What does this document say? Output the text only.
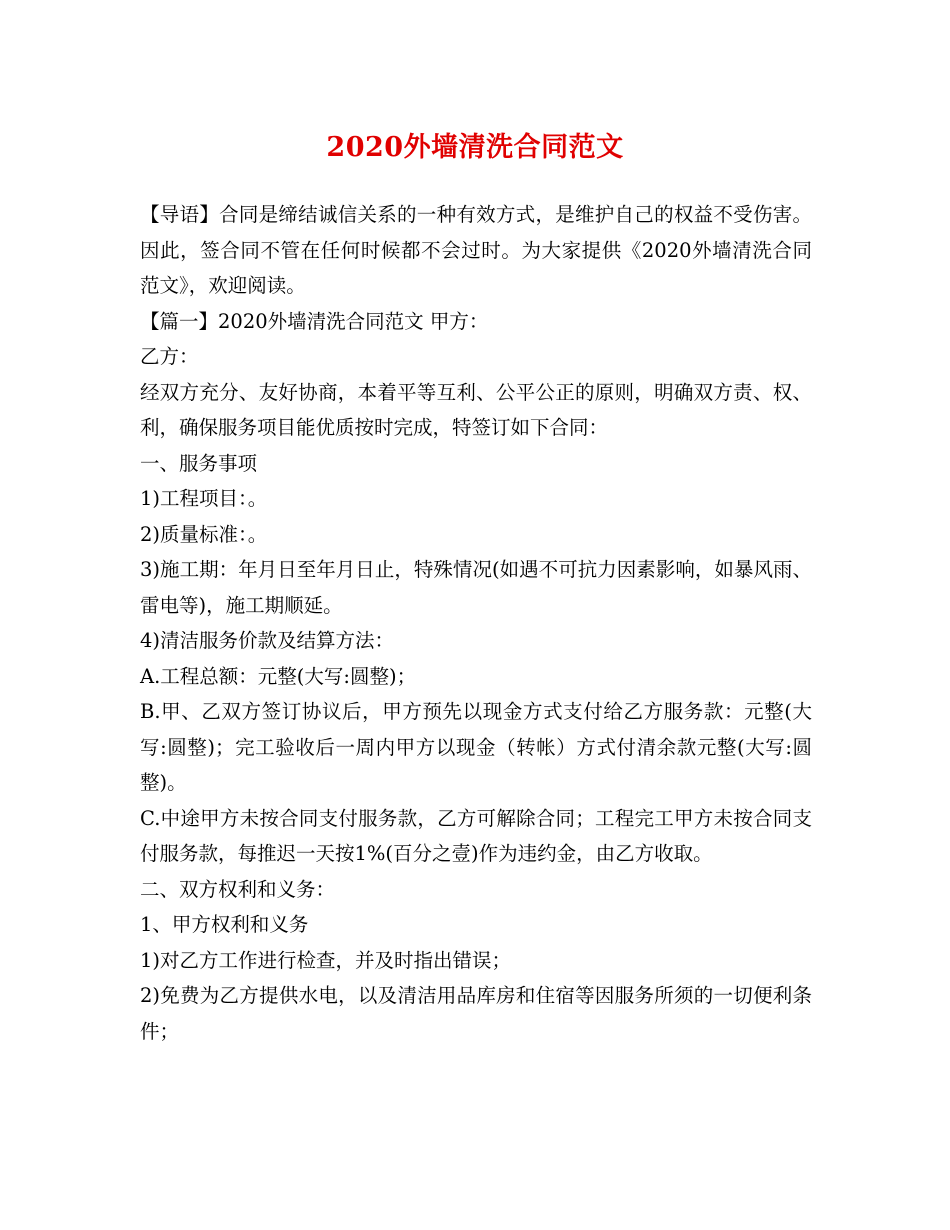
2020外墙清洗合同范文

【导语】合同是缔结诚信关系的一种有效方式，是维护自己的权益不受伤害。因此，签合同不管在任何时候都不会过时。为大家提供《2020外墙清洗合同范文》，欢迎阅读。

【篇一】2020外墙清洗合同范文 甲方：

乙方：

经双方充分、友好协商，本着平等互利、公平公正的原则，明确双方责、权、利，确保服务项目能优质按时完成，特签订如下合同：

一、服务事项

1)工程项目：。

2)质量标准：。

3)施工期：年月日至年月日止，特殊情况(如遇不可抗力因素影响，如暴风雨、雷电等)，施工期顺延。

4)清洁服务价款及结算方法：

A.工程总额：元整(大写:圆整)；

B.甲、乙双方签订协议后，甲方预先以现金方式支付给乙方服务款：元整(大写:圆整)；完工验收后一周内甲方以现金（转帐）方式付清余款元整(大写:圆整)。

C.中途甲方未按合同支付服务款，乙方可解除合同；工程完工甲方未按合同支付服务款，每推迟一天按1%(百分之壹)作为违约金，由乙方收取。

二、双方权利和义务：

1、甲方权利和义务

1)对乙方工作进行检查，并及时指出错误；

2)免费为乙方提供水电，以及清洁用品库房和住宿等因服务所须的一切便利条件；
